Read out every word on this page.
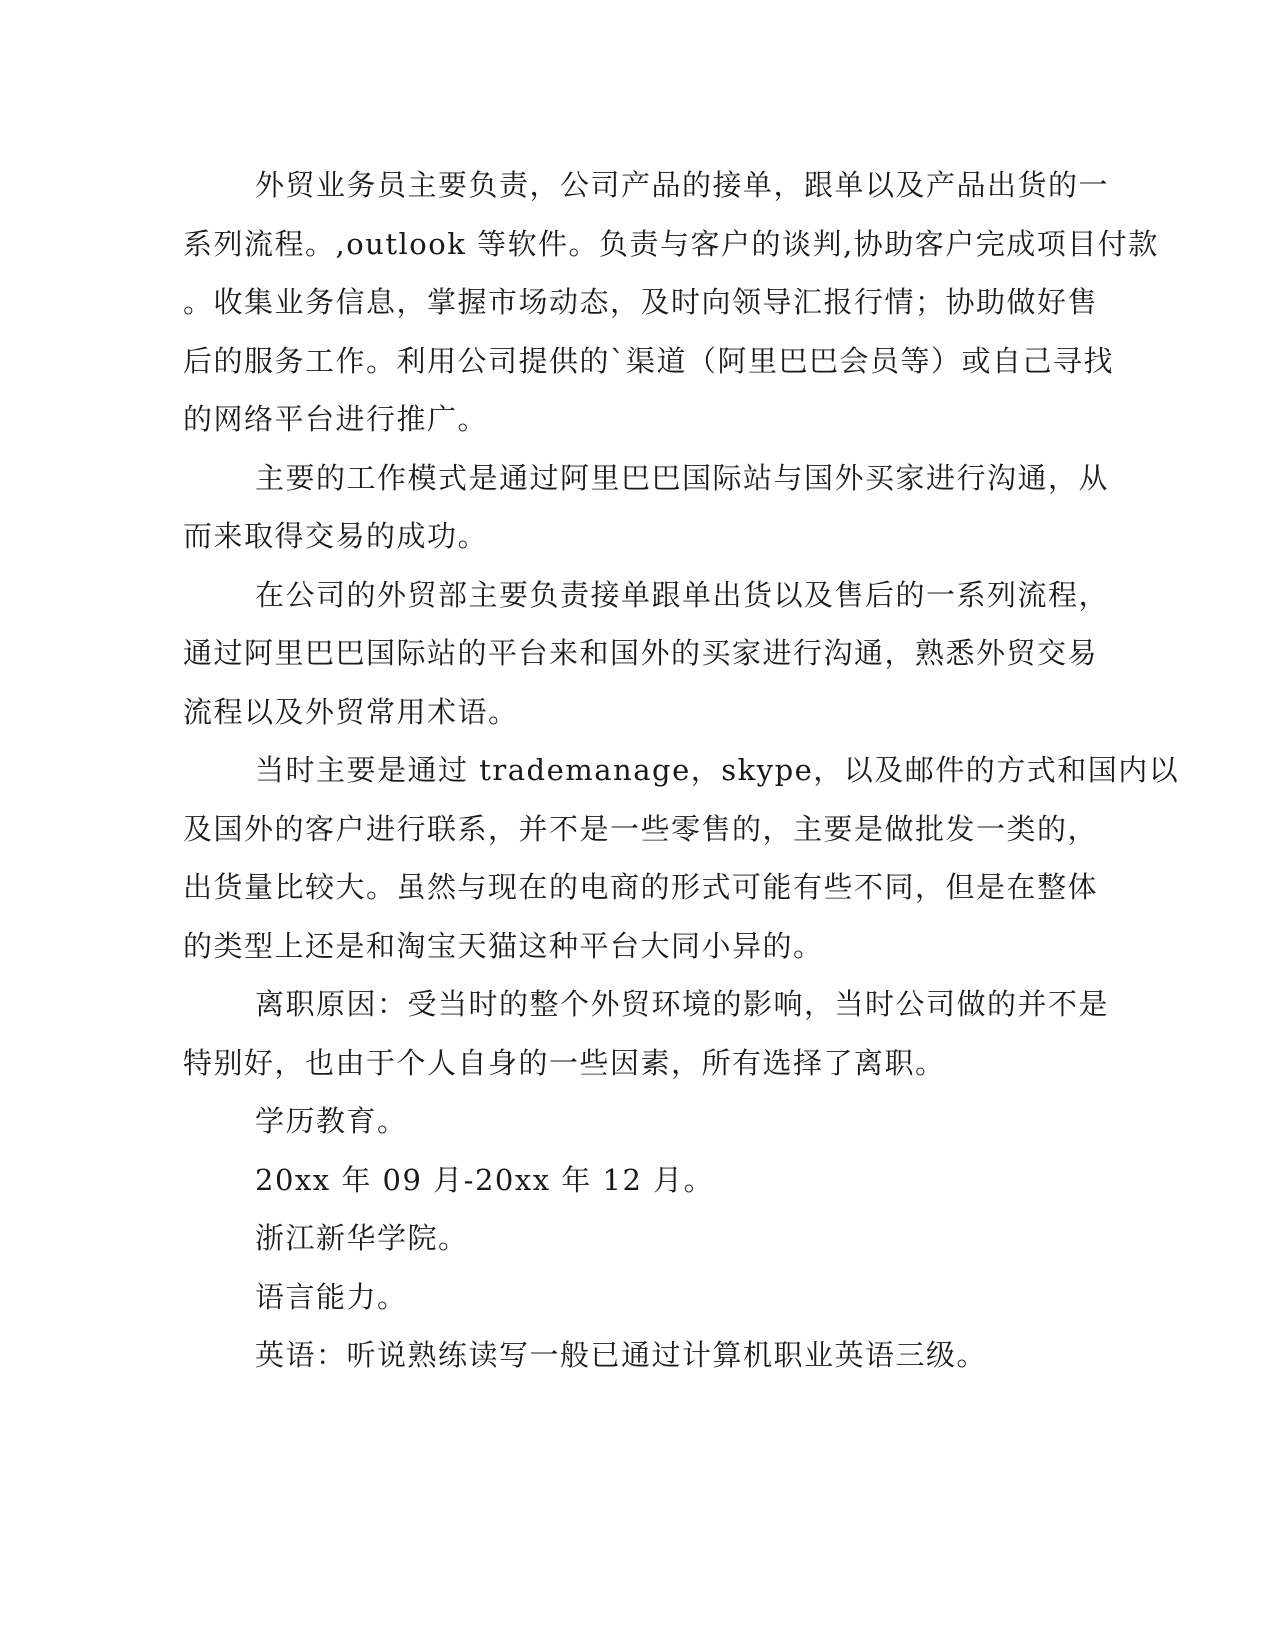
外贸业务员主要负责，公司产品的接单，跟单以及产品出货的一
系列流程。,outlook 等软件。负责与客户的谈判,协助客户完成项目付款
。收集业务信息，掌握市场动态，及时向领导汇报行情；协助做好售
后的服务工作。利用公司提供的`渠道（阿里巴巴会员等）或自己寻找
的网络平台进行推广。

主要的工作模式是通过阿里巴巴国际站与国外买家进行沟通，从
而来取得交易的成功。

在公司的外贸部主要负责接单跟单出货以及售后的一系列流程，
通过阿里巴巴国际站的平台来和国外的买家进行沟通，熟悉外贸交易
流程以及外贸常用术语。

当时主要是通过 trademanage，skype，以及邮件的方式和国内以
及国外的客户进行联系，并不是一些零售的，主要是做批发一类的，
出货量比较大。虽然与现在的电商的形式可能有些不同，但是在整体
的类型上还是和淘宝天猫这种平台大同小异的。

离职原因：受当时的整个外贸环境的影响，当时公司做的并不是
特别好，也由于个人自身的一些因素，所有选择了离职。

学历教育。

20xx 年 09 月-20xx 年 12 月。

浙江新华学院。

语言能力。

英语：听说熟练读写一般已通过计算机职业英语三级。
